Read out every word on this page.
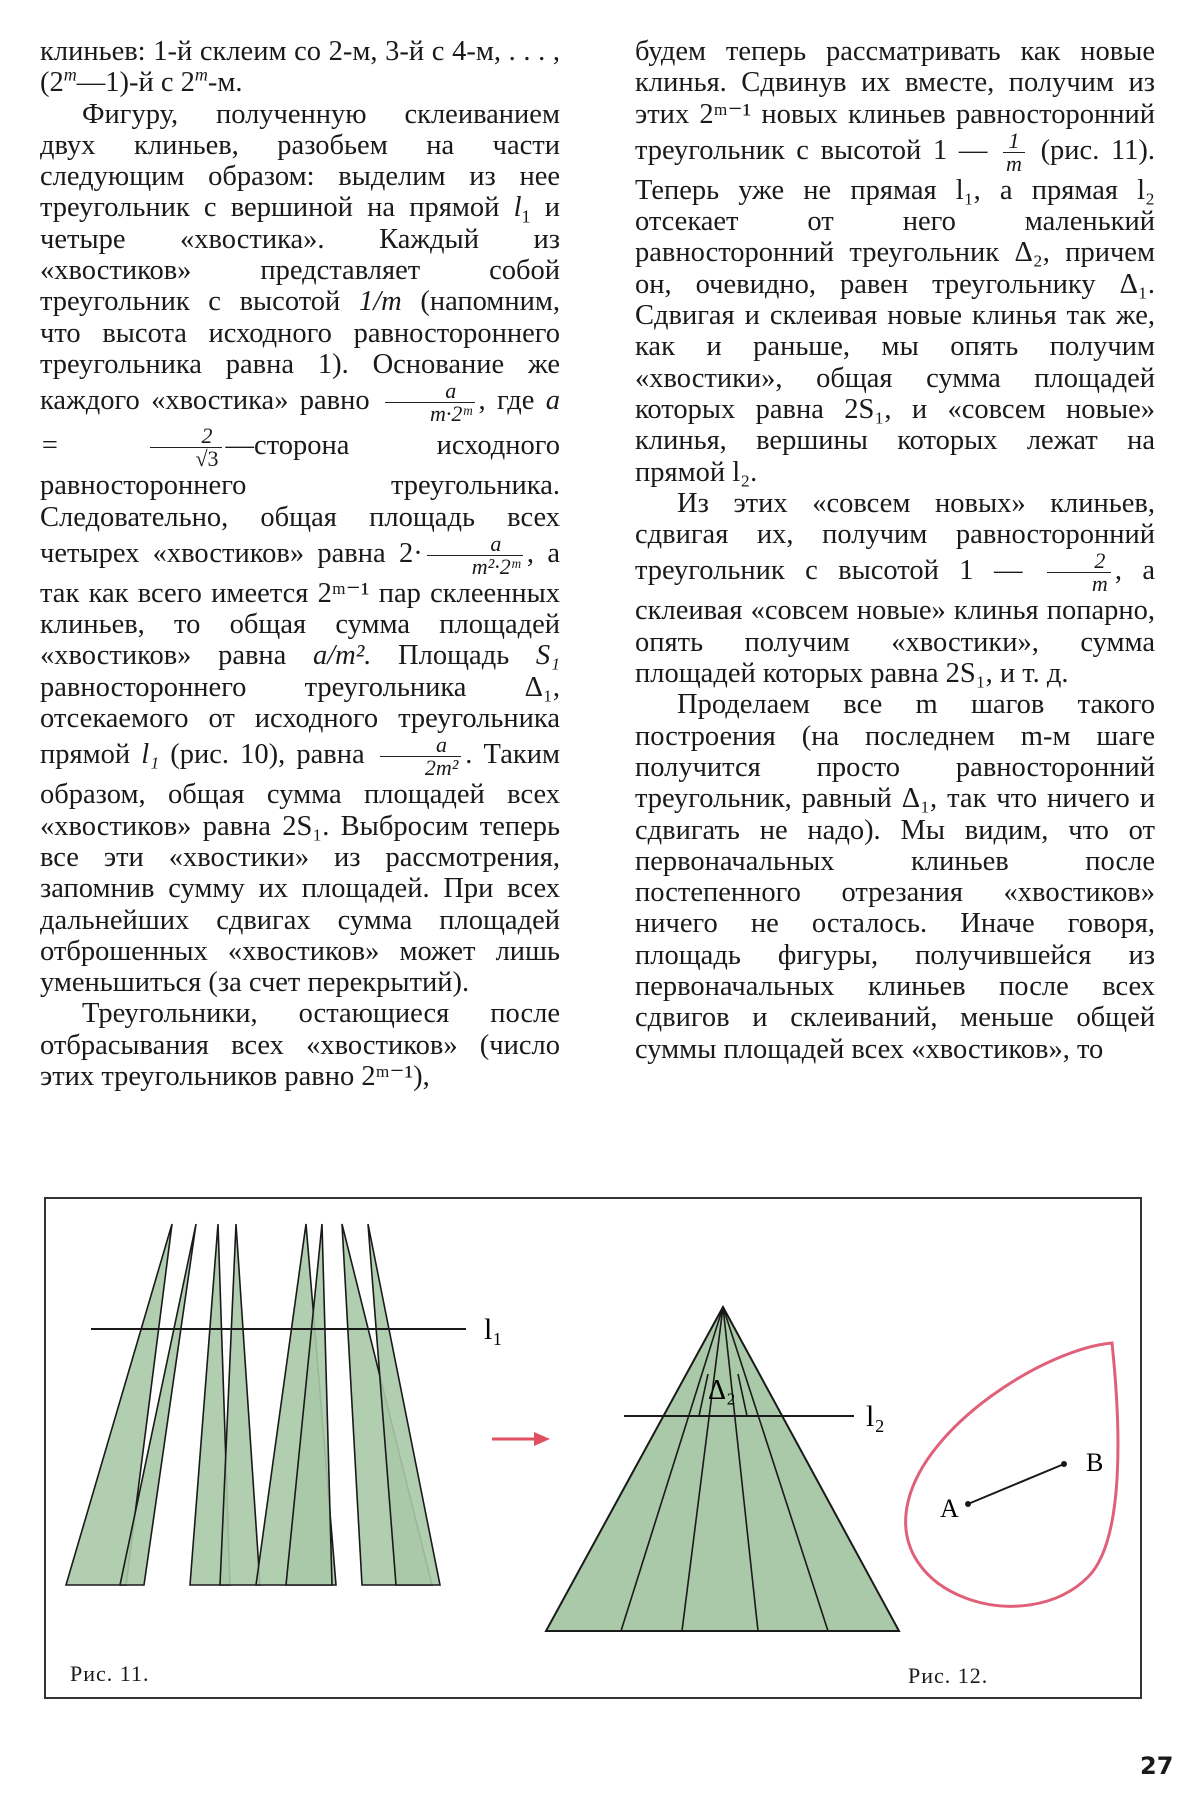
клиньев: 1-й склеим со 2-м, 3-й с 4-м, . . . , (2$^m$—1)-й с 2$^m$-м.

Фигуру, полученную склеиванием двух клиньев, разобьем на части следующим образом: выделим из нее треугольник с вершиной на прямой $l_1$ и четыре «хвостика». Каждый из «хвостиков» представляет собой треугольник с высотой 1/m (напомним, что высота исходного равностороннего треугольника равна 1). Основание же каждого «хвостика» равно $\frac{a}{\text{m·2ᵐ}}$ , где a =	$\frac{2}{√3}$ —сторона исходного равностороннего треугольника. Следовательно, общая площадь всех четырех «хвостиков» равна $2\cdot \frac{a}{\text{m²·2ᵐ}}$ , а так как всего имеется 2ᵐ⁻¹ пар склеенных клиньев, то общая сумма площадей «хвостиков» равна a/m². Площадь S₁ равностороннего треугольника Δ₁, отсекаемого от исходного треугольника прямой l₁ (рис. 10), равна $\frac{a}{\text{2m²}}$ . Таким образом, общая сумма площадей всех «хвостиков» равна 2S₁. Выбросим теперь все эти «хвостики» из рассмотрения, запомнив сумму их площадей. При всех дальнейших сдвигах сумма площадей отброшенных «хвостиков» может лишь уменьшиться (за счет перекрытий).

Треугольники, остающиеся после отбрасывания всех «хвостиков» (число этих треугольников равно 2ᵐ⁻¹),

будем теперь рассматривать как новые клинья. Сдвинув их вместе, получим из этих 2ᵐ⁻¹ новых клиньев равносторонний треугольник с высотой 1 — $\frac{1}{m} (рис$. 11). Теперь уже не прямая l₁, а прямая l₂ отсекает от него маленький равносторонний треугольник Δ₂, причем он, очевидно, равен треугольнику Δ₁. Сдвигая и склеивая новые клинья так же, как и раньше, мы опять получим «хвостики», общая сумма площадей которых равна 2S₁, и «совсем новые» клинья, вершины которых лежат на прямой l₂.

Из этих «совсем новых» клиньев, сдвигая их, получим равносторонний треугольник с высотой 1 — $\frac{2}{m}$ , а склеивая «совсем новые» клинья попарно, опять получим «хвостики», сумма площадей которых равна 2S₁, и т. д.

Проделаем все m шагов такого построения (на последнем m-м шаге получится просто равносторонний треугольник, равный Δ₁, так что ничего и сдвигать не надо). Мы видим, что от первоначальных клиньев после постепенного отрезания «хвостиков» ничего не осталось. Иначе говоря, площадь фигуры, получившейся из первоначальных клиньев после всех сдвигов и склеиваний, меньше общей суммы площадей всех «хвостиков», то

l₁
Δ₂
l₂
A
B
Рис. 11.	Рис. 12.
27
